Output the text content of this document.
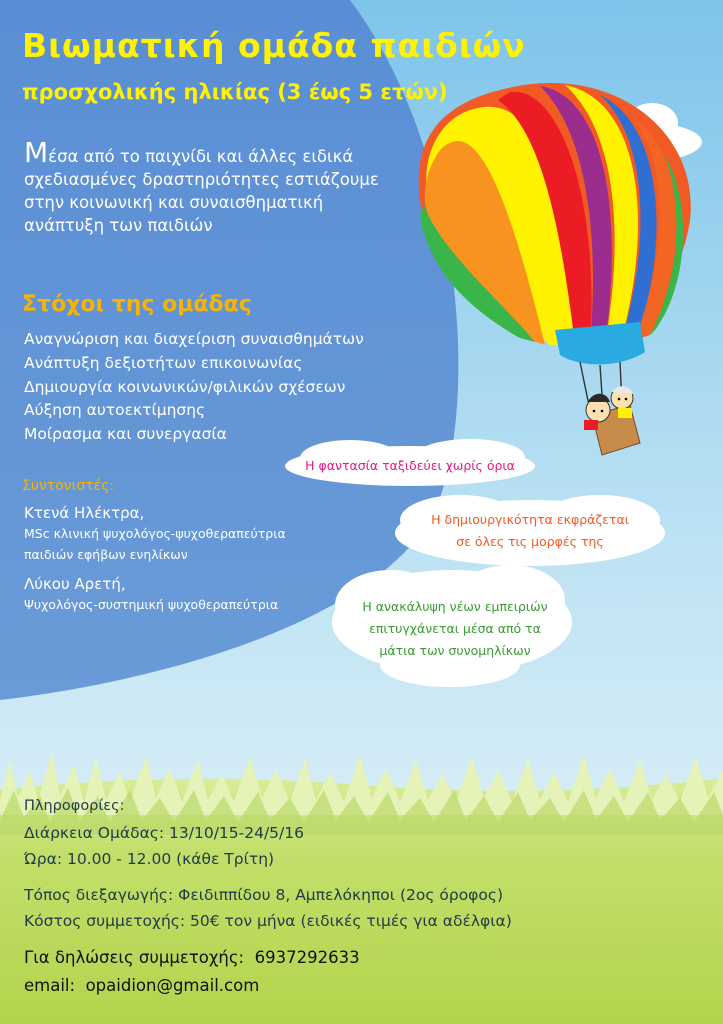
Βιωματική ομάδα παιδιών
προσχολικής ηλικίας (3 έως 5 ετών)

Μέσα από το παιχνίδι και άλλες ειδικά σχεδιασμένες δραστηριότητες εστιάζουμε στην κοινωνική και συναισθηματική ανάπτυξη των παιδιών

Στόχοι της ομάδας
Αναγνώριση και διαχείριση συναισθημάτων
Ανάπτυξη δεξιοτήτων επικοινωνίας
Δημιουργία κοινωνικών/φιλικών σχέσεων
Αύξηση αυτοεκτίμησης
Μοίρασμα και συνεργασία
Συντονιστές:
Κτενά Ηλέκτρα,
MSc κλινική ψυχολόγος-ψυχοθεραπεύτρια
παιδιών εφήβων ενηλίκων
Λύκου Αρετή,
Ψυχολόγος-συστημική ψυχοθεραπεύτρια
Η φαντασία ταξιδεύει χωρίς όρια
Η δημιουργικότητα εκφράζεται σε όλες τις μορφές της
Η ανακάλυψη νέων εμπειριών επιτυγχάνεται μέσα από τα μάτια των συνομηλίκων
Πληροφορίες:
Διάρκεια Ομάδας: 13/10/15-24/5/16
Ώρα: 10.00 - 12.00 (κάθε Τρίτη)
Τόπος διεξαγωγής: Φειδιππίδου 8, Αμπελόκηποι (2ος όροφος)
Κόστος συμμετοχής: 50€ τον μήνα (ειδικές τιμές για αδέλφια)
Για δηλώσεις συμμετοχής: 6937292633
email: opaidion@gmail.com
